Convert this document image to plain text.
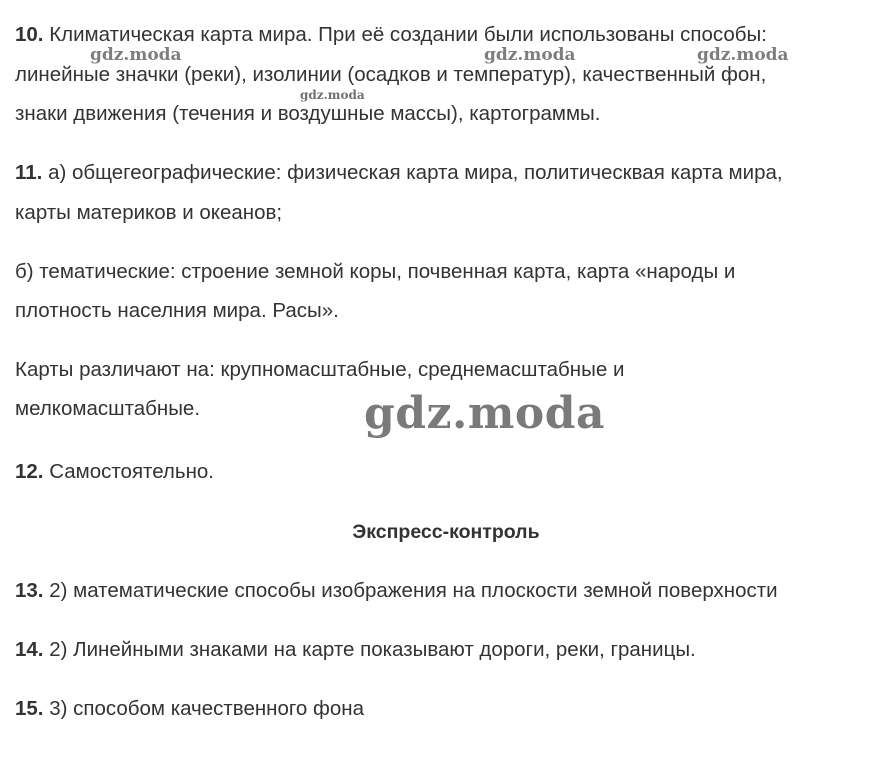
10. Климатическая карта мира. При её создании были использованы способы:
линейные значки (реки), изолинии (осадков и температур), качественный фон,
знаки движения (течения и воздушные массы), картограммы.
11. а) общегеографические: физическая карта мира, политическвая карта мира,
карты материков и океанов;
б) тематические: строение земной коры, почвенная карта, карта «народы и
плотность населния мира. Расы».
Карты различают на: крупномасштабные, среднемасштабные и
мелкомасштабные.
12. Самостоятельно.
Экспресс-контроль
13. 2) математические способы изображения на плоскости земной поверхности
14. 2) Линейными знаками на карте показывают дороги, реки, границы.
15. 3) способом качественного фона
gdz.moda	gdz.moda	gdz.moda
gdz.moda
gdz.moda
